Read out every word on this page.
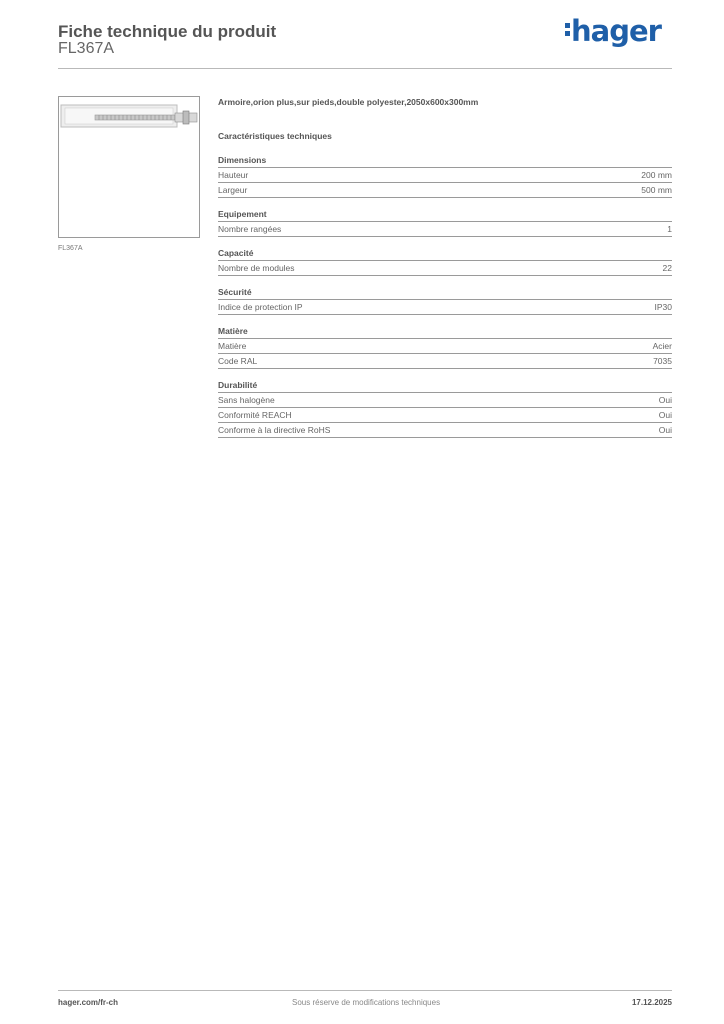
Fiche technique du produit
FL367A
hager
FL367A
Armoire,orion plus,sur pieds,double polyester,2050x600x300mm
Caractéristiques techniques
Dimensions
Hauteur	200 mm
Largeur	500 mm
Equipement
Nombre rangées	1
Capacité
Nombre de modules	22
Sécurité
Indice de protection IP	IP30
Matière
Matière	Acier
Code RAL	7035
Durabilité
Sans halogène	Oui
Conformité REACH	Oui
Conforme à la directive RoHS	Oui
hager.com/fr-ch	Sous réserve de modifications techniques	17.12.2025
